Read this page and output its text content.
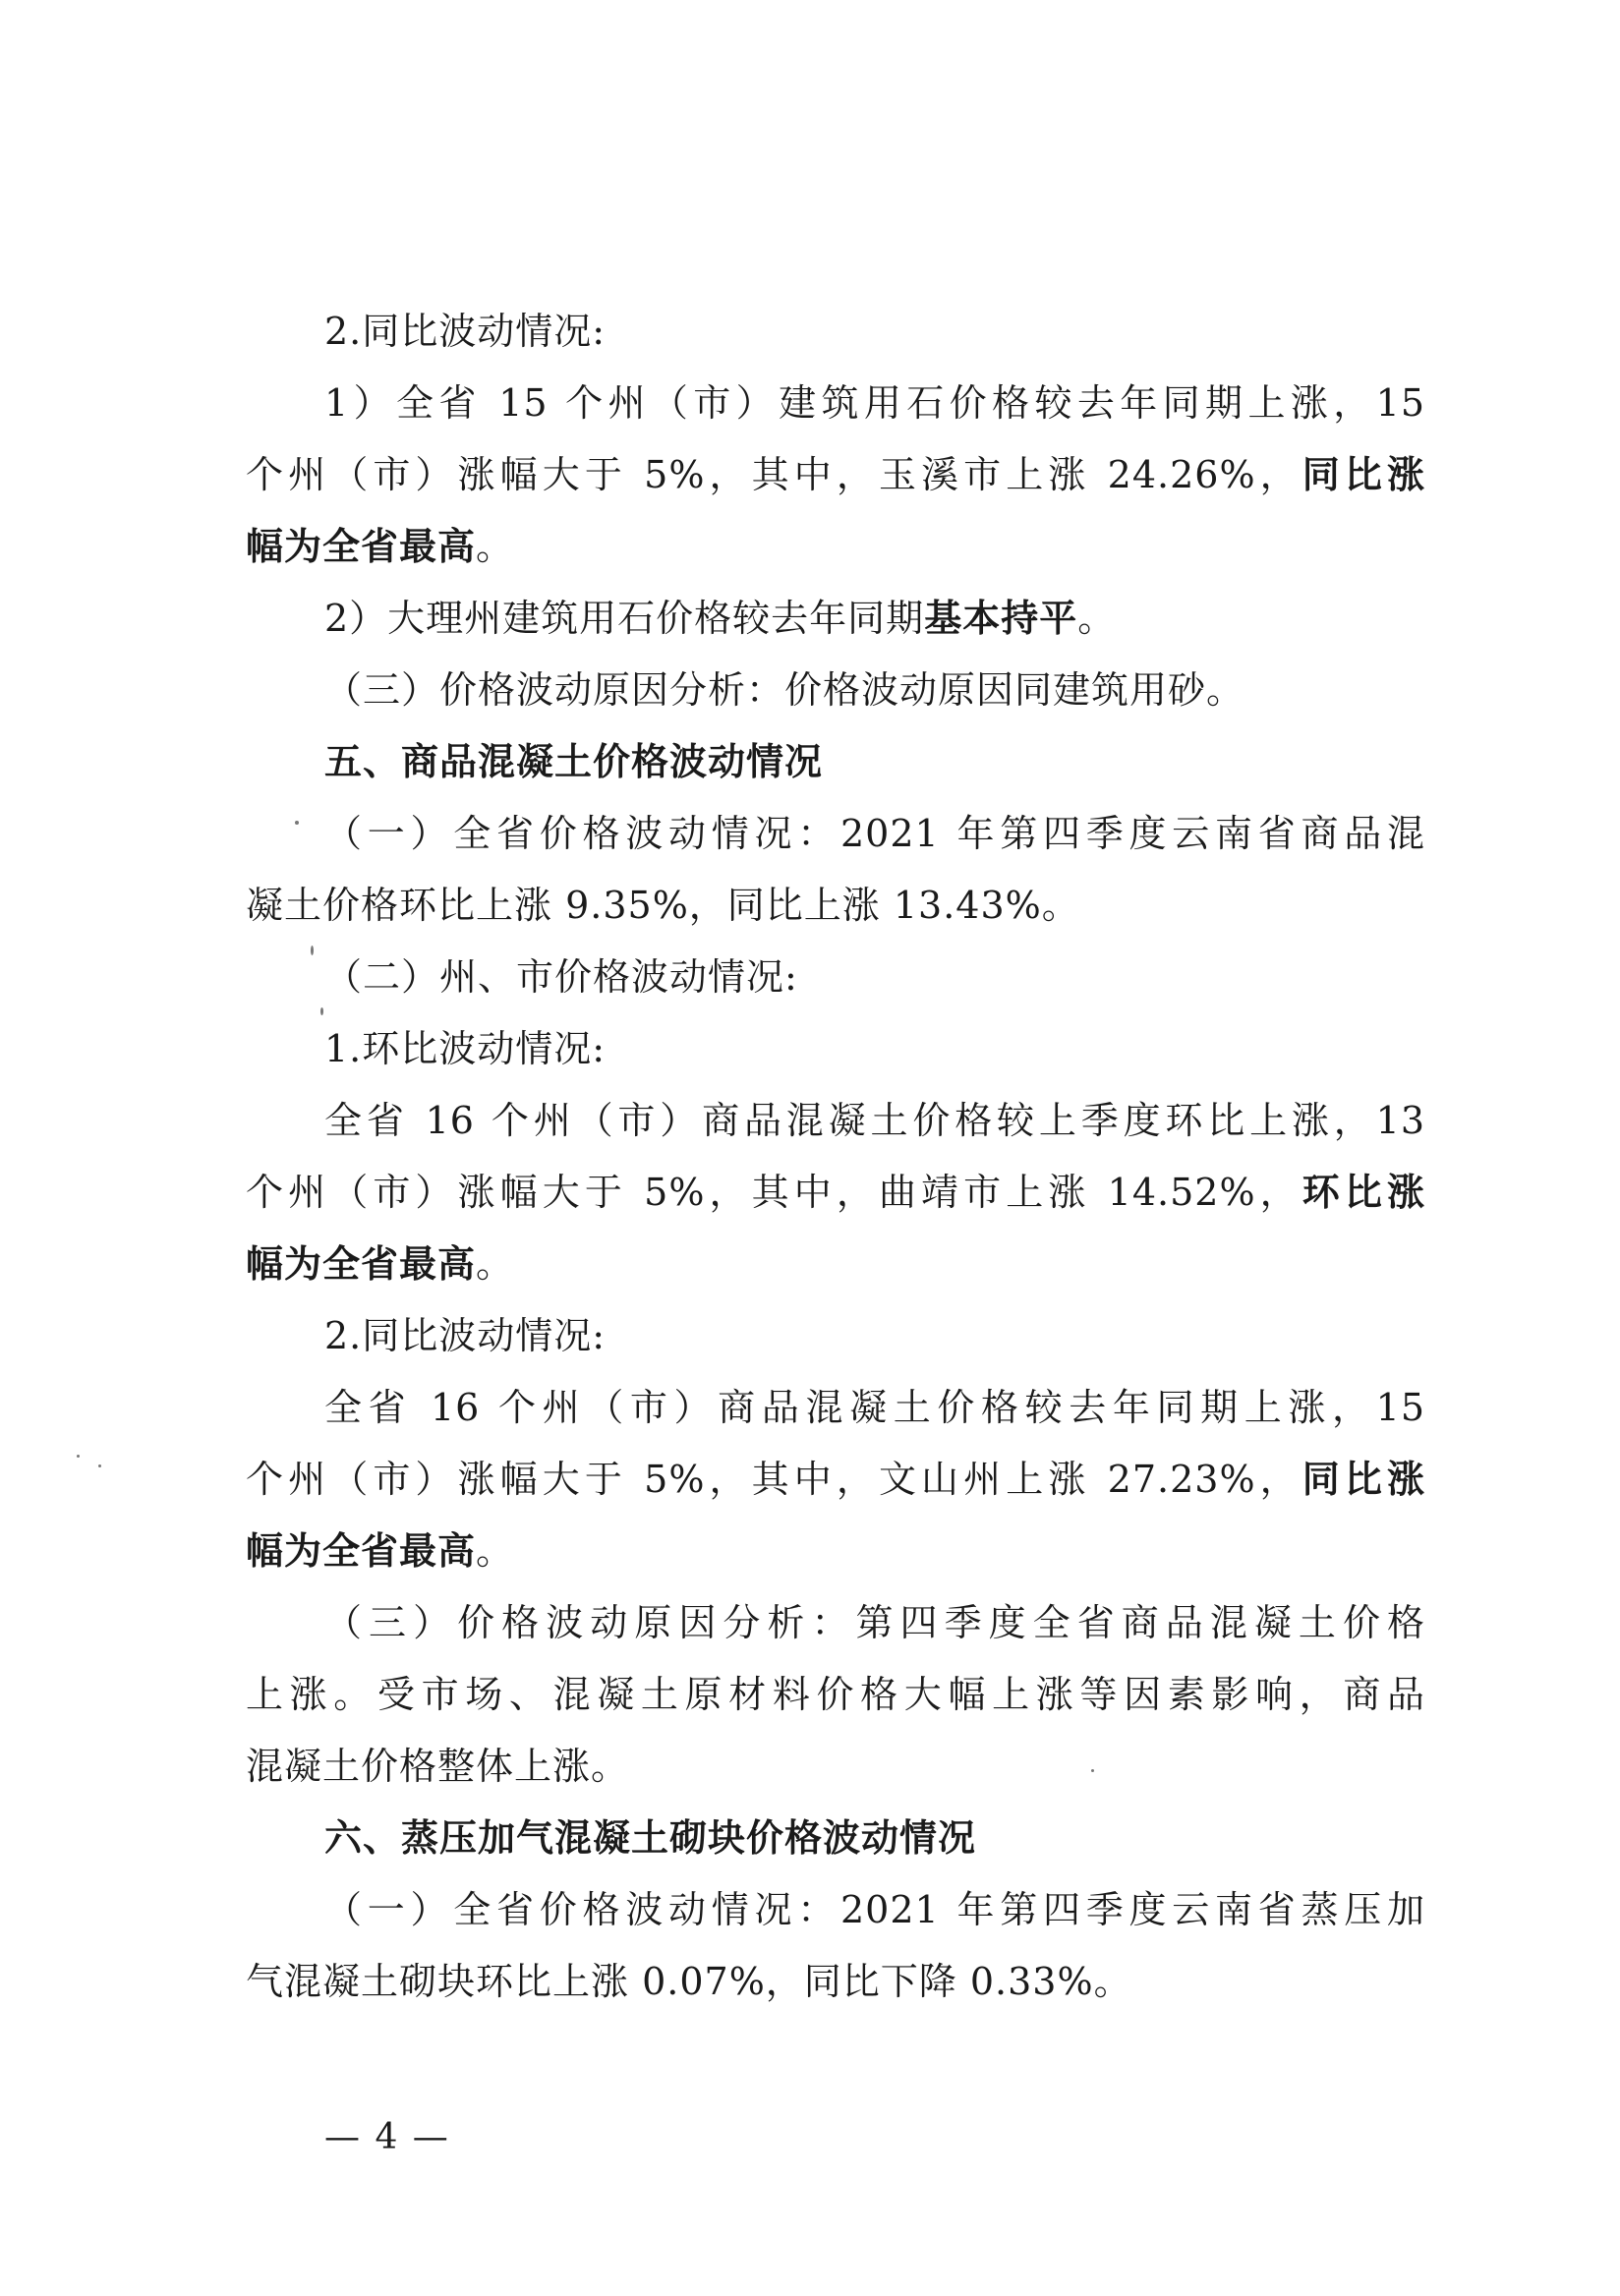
2.同比波动情况:
1）全省 15 个州（市）建筑用石价格较去年同期上涨，15
个州（市）涨幅大于 5%，其中，玉溪市上涨 24.26%，同比涨
幅为全省最高。
2）大理州建筑用石价格较去年同期基本持平。
（三）价格波动原因分析：价格波动原因同建筑用砂。
五、商品混凝土价格波动情况
（一）全省价格波动情况：2021 年第四季度云南省商品混
凝土价格环比上涨 9.35%，同比上涨 13.43%。
（二）州、市价格波动情况:
1.环比波动情况:
全省 16 个州（市）商品混凝土价格较上季度环比上涨，13
个州（市）涨幅大于 5%，其中，曲靖市上涨 14.52%，环比涨
幅为全省最高。
2.同比波动情况:
全省 16 个州（市）商品混凝土价格较去年同期上涨，15
个州（市）涨幅大于 5%，其中，文山州上涨 27.23%，同比涨
幅为全省最高。
（三）价格波动原因分析：第四季度全省商品混凝土价格
上涨。受市场、混凝土原材料价格大幅上涨等因素影响，商品
混凝土价格整体上涨。
六、蒸压加气混凝土砌块价格波动情况
（一）全省价格波动情况：2021 年第四季度云南省蒸压加
气混凝土砌块环比上涨 0.07%，同比下降 0.33%。
— 4 —
